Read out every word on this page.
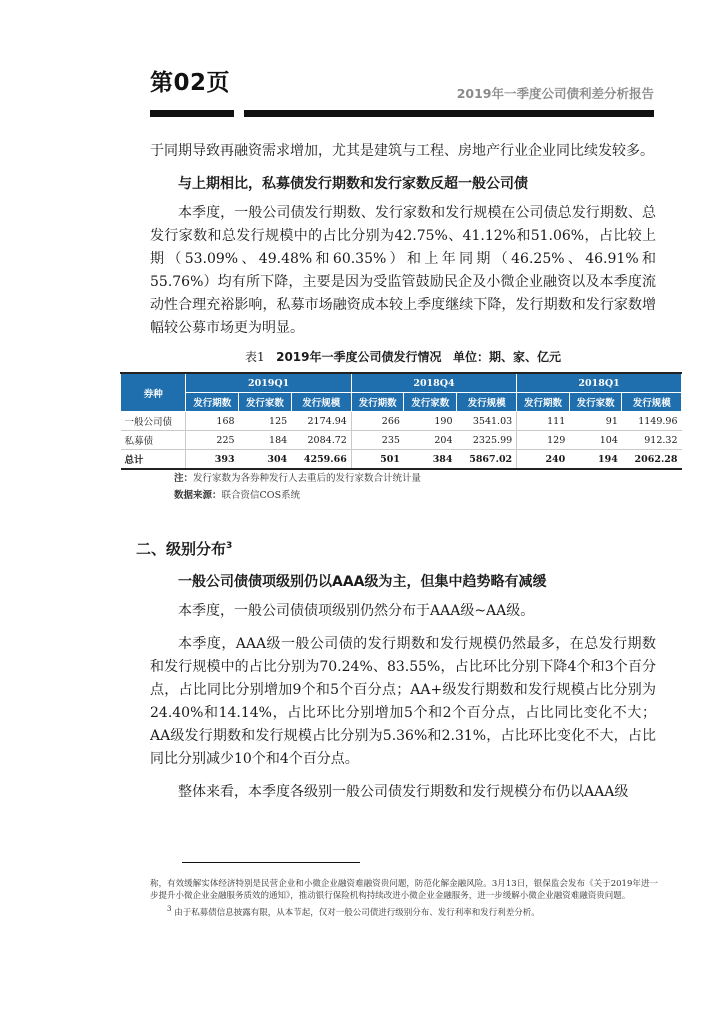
第02页	2019年一季度公司债利差分析报告

于同期导致再融资需求增加，尤其是建筑与工程、房地产行业企业同比续发较多。

与上期相比，私募债发行期数和发行家数反超一般公司债

本季度，一般公司债发行期数、发行家数和发行规模在公司债总发行期数、总发行家数和总发行规模中的占比分别为42.75%、41.12%和51.06%，占比较上期（53.09%、49.48%和60.35%）和上年同期（46.25%、46.91%和55.76%）均有所下降，主要是因为受监管鼓励民企及小微企业融资以及本季度流动性合理充裕影响，私募市场融资成本较上季度继续下降，发行期数和发行家数增幅较公募市场更为明显。

表1 2019年一季度公司债发行情况 单位：期、家、亿元
券种	2019Q1			2018Q4			2018Q1		
	发行期数	发行家数	发行规模	发行期数	发行家数	发行规模	发行期数	发行家数	发行规模
一般公司债	168	125	2174.94	266	190	3541.03	111	91	1149.96
私募债	225	184	2084.72	235	204	2325.99	129	104	912.32
总计	393	304	4259.66	501	384	5867.02	240	194	2062.28
注：发行家数为各券种发行人去重后的发行家数合计统计量
数据来源：联合资信COS系统
二、级别分布$^3$
一般公司债债项级别仍以AAA级为主，但集中趋势略有减缓

本季度，一般公司债债项级别仍然分布于AAA级~AA级。

本季度，AAA级一般公司债的发行期数和发行规模仍然最多，在总发行期数和发行规模中的占比分别为70.24%、83.55%，占比环比分别下降4个和3个百分点，占比同比分别增加9个和5个百分点；AA+级发行期数和发行规模占比分别为24.40%和14.14%，占比环比分别增加5个和2个百分点，占比同比变化不大；AA级发行期数和发行规模占比分别为5.36%和2.31%，占比环比变化不大，占比同比分别减少10个和4个百分点。

整体来看，本季度各级别一般公司债发行期数和发行规模分布仍以AAA级

称，有效缓解实体经济特别是民营企业和小微企业融资难融资贵问题，防范化解金融风险。3月13日，银保监会发布《关于2019年进一步提升小微企业金融服务质效的通知》，推动银行保险机构持续改进小微企业金融服务，进一步缓解小微企业融资难融资贵问题。
$^3$ 由于私募债信息披露有限，从本节起，仅对一般公司债进行级别分布、发行利率和发行利差分析。
